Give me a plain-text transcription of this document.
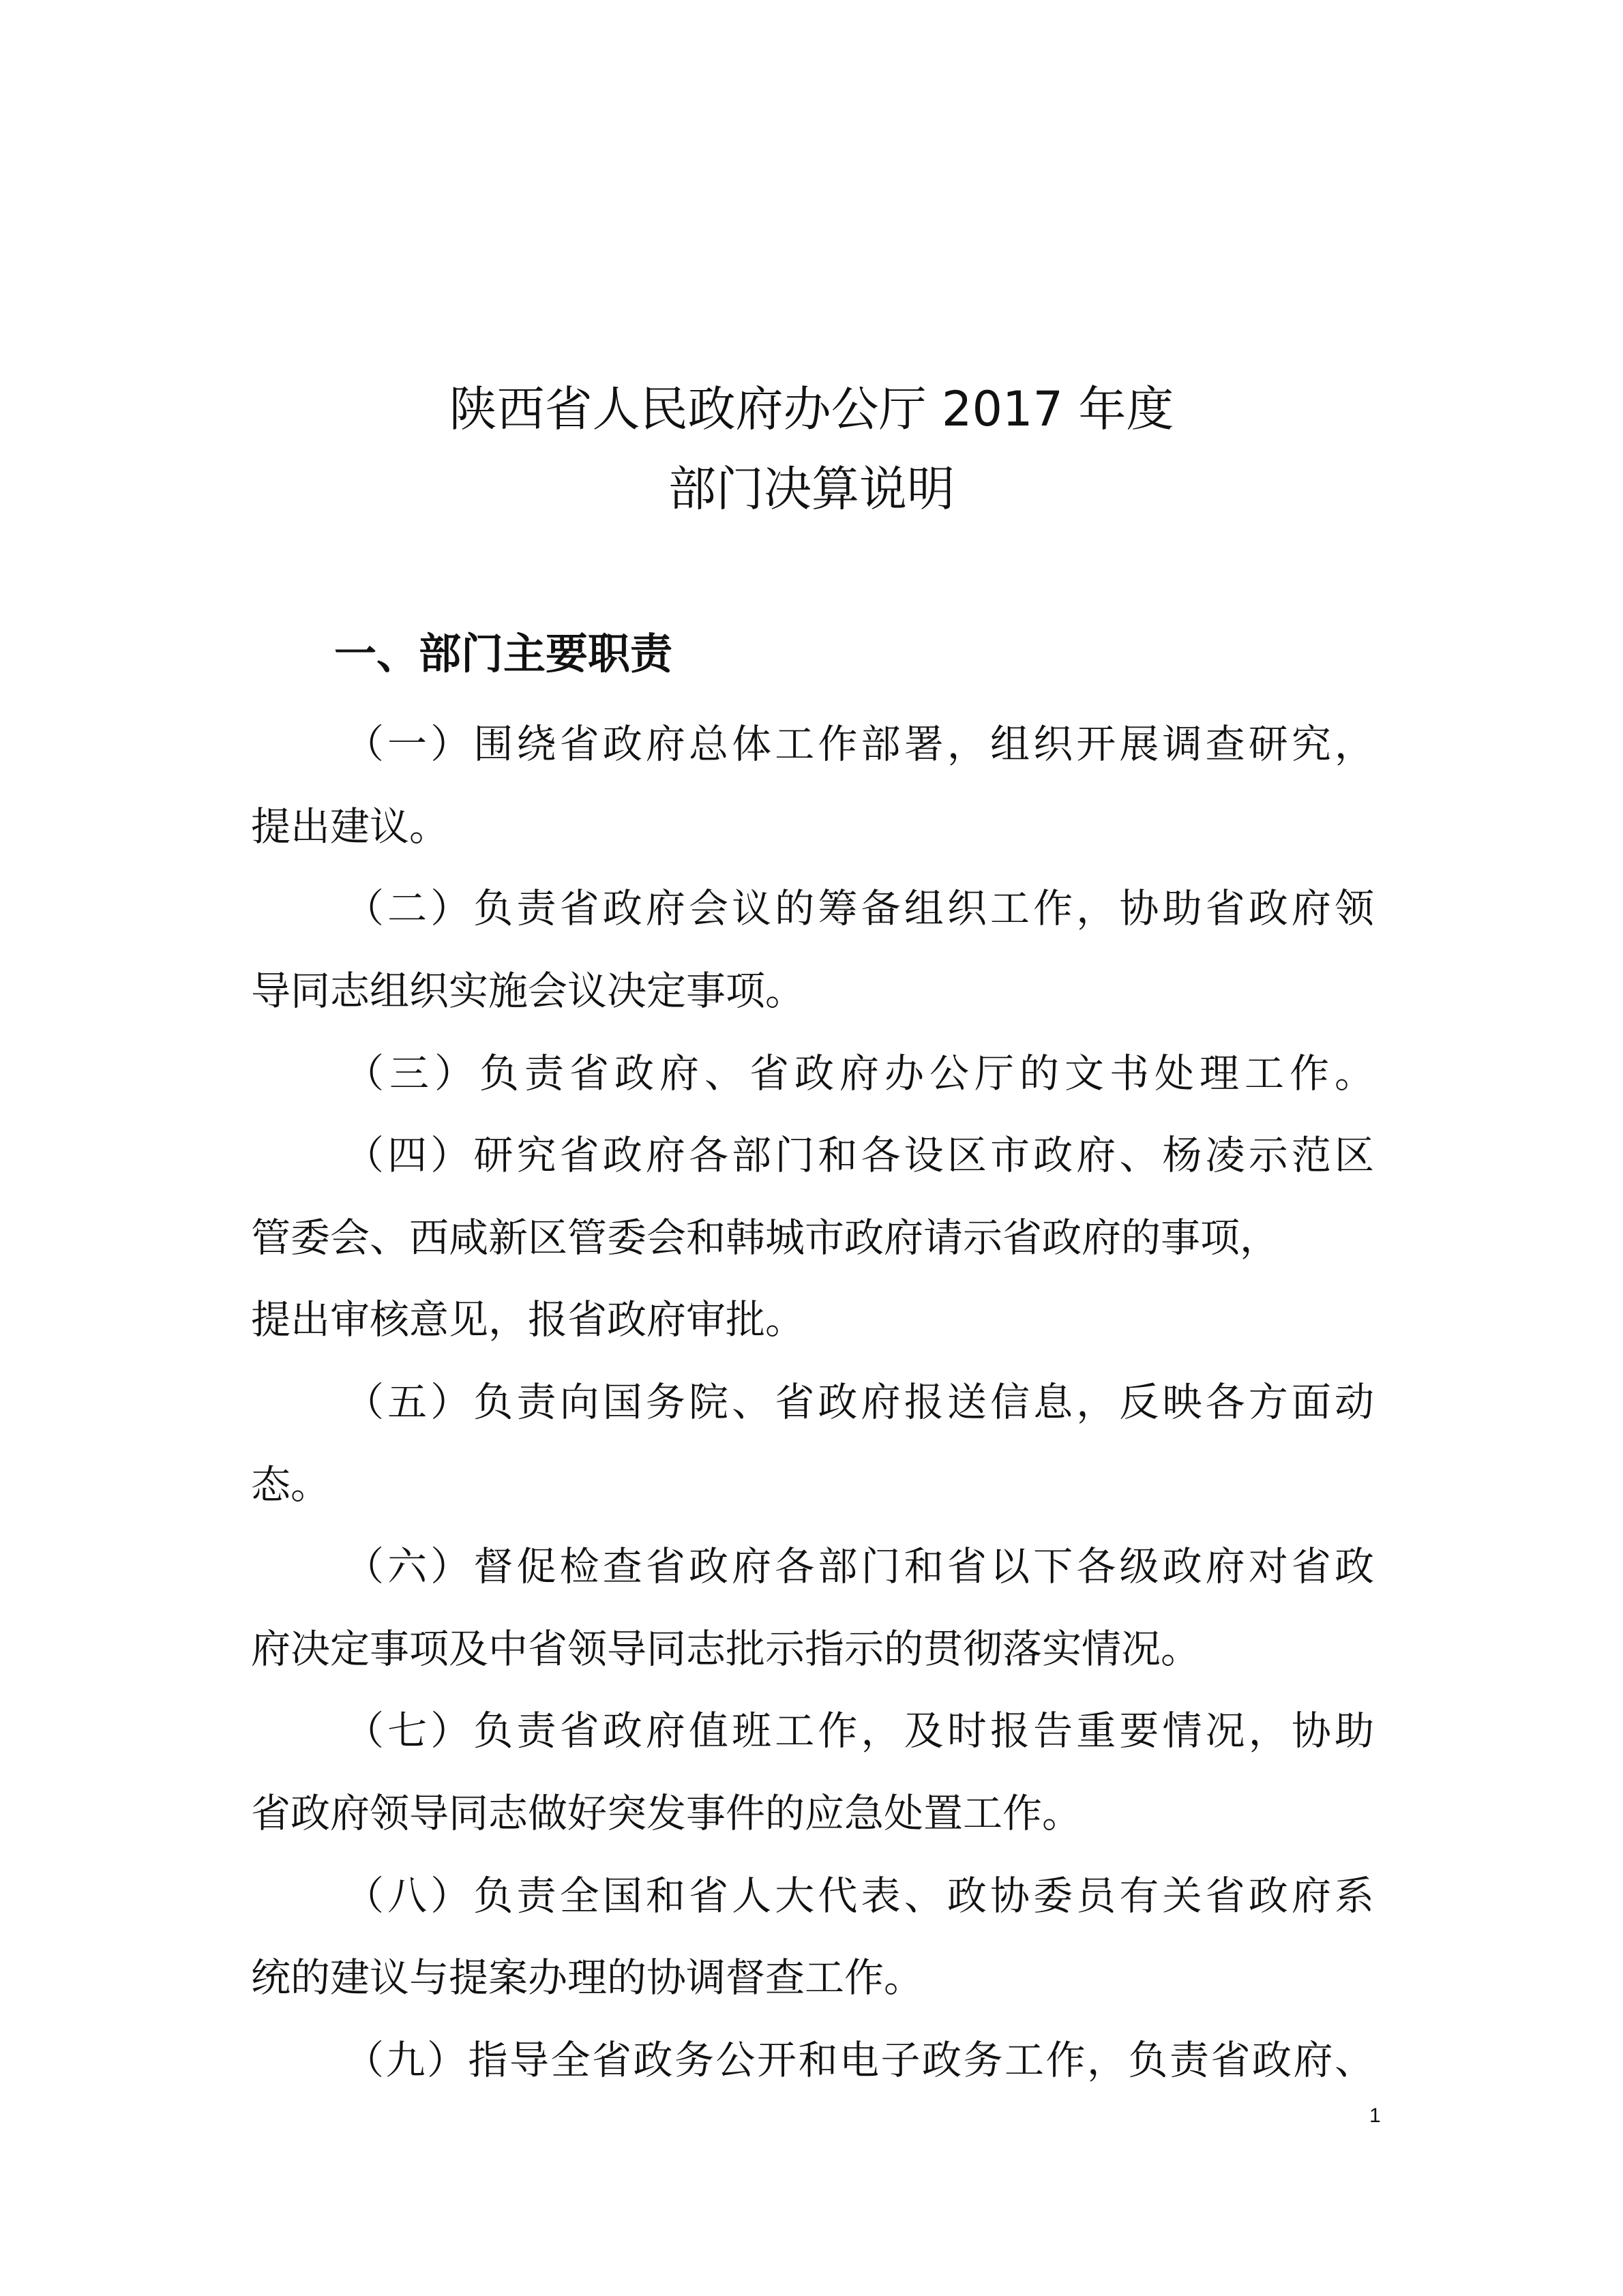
陕西省人民政府办公厅 2017 年度
部门决算说明
一、部门主要职责
（一）围绕省政府总体工作部署，组织开展调查研究，
提出建议。
（二）负责省政府会议的筹备组织工作，协助省政府领
导同志组织实施会议决定事项。
（三）负责省政府、省政府办公厅的文书处理工作。
（四）研究省政府各部门和各设区市政府、杨凌示范区
管委会、西咸新区管委会和韩城市政府请示省政府的事项，
提出审核意见，报省政府审批。
（五）负责向国务院、省政府报送信息，反映各方面动
态。
（六）督促检查省政府各部门和省以下各级政府对省政
府决定事项及中省领导同志批示指示的贯彻落实情况。
（七）负责省政府值班工作，及时报告重要情况，协助
省政府领导同志做好突发事件的应急处置工作。
（八）负责全国和省人大代表、政协委员有关省政府系
统的建议与提案办理的协调督查工作。
（九）指导全省政务公开和电子政务工作，负责省政府、
1
